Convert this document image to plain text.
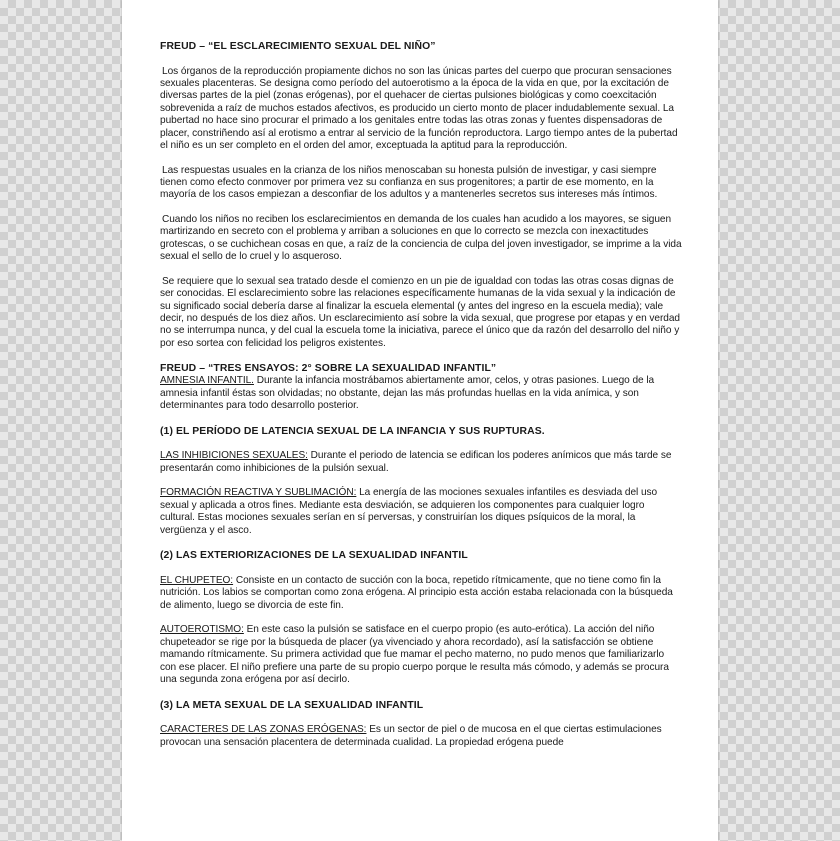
FREUD – “EL ESCLARECIMIENTO SEXUAL DEL NIÑO”

Los órganos de la reproducción propiamente dichos no son las únicas partes del cuerpo que procuran sensaciones sexuales placenteras. Se designa como período del autoerotismo a la época de la vida en que, por la excitación de diversas partes de la piel (zonas erógenas), por el quehacer de ciertas pulsiones biológicas y como coexcitación sobrevenida a raíz de muchos estados afectivos, es producido un cierto monto de placer indudablemente sexual. La pubertad no hace sino procurar el primado a los genitales entre todas las otras zonas y fuentes dispensadoras de placer, constriñendo así al erotismo a entrar al servicio de la función reproductora. Largo tiempo antes de la pubertad el niño es un ser completo en el orden del amor, exceptuada la aptitud para la reproducción.

Las respuestas usuales en la crianza de los niños menoscaban su honesta pulsión de investigar, y casi siempre tienen como efecto conmover por primera vez su confianza en sus progenitores; a partir de ese momento, en la mayoría de los casos empiezan a desconfiar de los adultos y a mantenerles secretos sus intereses más íntimos.

Cuando los niños no reciben los esclarecimientos en demanda de los cuales han acudido a los mayores, se siguen martirizando en secreto con el problema y arriban a soluciones en que lo correcto se mezcla con inexactitudes grotescas, o se cuchichean cosas en que, a raíz de la conciencia de culpa del joven investigador, se imprime a la vida sexual el sello de lo cruel y lo asqueroso.

Se requiere que lo sexual sea tratado desde el comienzo en un pie de igualdad con todas las otras cosas dignas de ser conocidas. El esclarecimiento sobre las relaciones específicamente humanas de la vida sexual y la indicación de su significado social debería darse al finalizar la escuela elemental (y antes del ingreso en la escuela media); vale decir, no después de los diez años. Un esclarecimiento así sobre la vida sexual, que progrese por etapas y en verdad no se interrumpa nunca, y del cual la escuela tome la iniciativa, parece el único que da razón del desarrollo del niño y por eso sortea con felicidad los peligros existentes.

FREUD – “TRES ENSAYOS: 2° SOBRE LA SEXUALIDAD INFANTIL”

AMNESIA INFANTIL. Durante la infancia mostrábamos abiertamente amor, celos, y otras pasiones. Luego de la amnesia infantil éstas son olvidadas; no obstante, dejan las más profundas huellas en la vida anímica, y son determinantes para todo desarrollo posterior.

(1) EL PERÍODO DE LATENCIA SEXUAL DE LA INFANCIA Y SUS RUPTURAS.

LAS INHIBICIONES SEXUALES: Durante el periodo de latencia se edifican los poderes anímicos que más tarde se presentarán como inhibiciones de la pulsión sexual.

FORMACIÓN REACTIVA Y SUBLIMACIÓN: La energía de las mociones sexuales infantiles es desviada del uso sexual y aplicada a otros fines. Mediante esta desviación, se adquieren los componentes para cualquier logro cultural. Estas mociones sexuales serían en sí perversas, y construirían los diques psíquicos de la moral, la vergüenza y el asco.

(2) LAS EXTERIORIZACIONES DE LA SEXUALIDAD INFANTIL

EL CHUPETEO: Consiste en un contacto de succión con la boca, repetido rítmicamente, que no tiene como fin la nutrición. Los labios se comportan como zona erógena. Al principio esta acción estaba relacionada con la búsqueda de alimento, luego se divorcia de este fin.

AUTOEROTISMO: En este caso la pulsión se satisface en el cuerpo propio (es auto-erótica). La acción del niño chupeteador se rige por la búsqueda de placer (ya vivenciado y ahora recordado), así la satisfacción se obtiene mamando rítmicamente. Su primera actividad que fue mamar el pecho materno, no pudo menos que familiarizarlo con ese placer. El niño prefiere una parte de su propio cuerpo porque le resulta más cómodo, y además se procura una segunda zona erógena por así decirlo.

(3) LA META SEXUAL DE LA SEXUALIDAD INFANTIL

CARACTERES DE LAS ZONAS ERÓGENAS: Es un sector de piel o de mucosa en el que ciertas estimulaciones provocan una sensación placentera de determinada cualidad. La propiedad erógena puede
